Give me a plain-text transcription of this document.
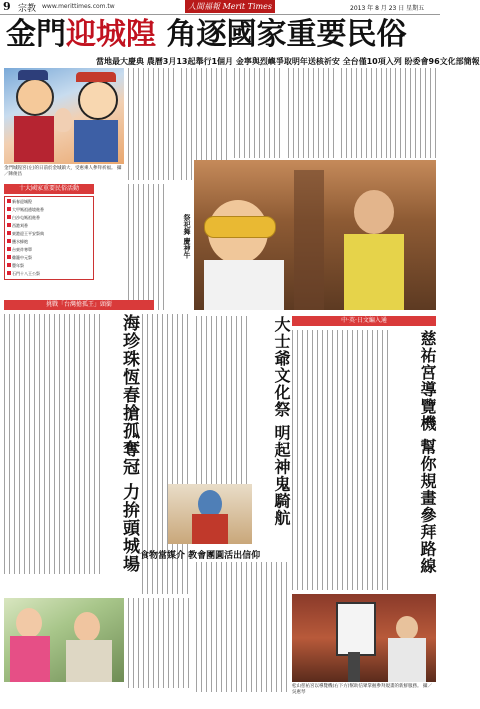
9 宗教 www.merittimes.com.tw	人間福報 Merit Times	2013 年 8 月 23 日 星期五
金門迎城隍 角逐國家重要民俗
當地最大慶典 農曆3月13起舉行1個月 金寧與烈嶼爭取明年送核祈安 全台僅10項入列 盼委會96文化部簡報
金門城隍宮(左)的日前於金城鎮大，受惠乘人參拜祈福。 攝／陳俊昌
祭祀舞 慶神牛
十大國家重要民俗活動
新春迎城隍
大甲媽祖遶境進香
白沙屯媽祖進香
西港刈香
東港迎王平安祭典
鹽水蜂炮
台東炸寒單
雞籠中元祭
豐年祭
石門十八王公祭
挑戰「台灣搶孤王」頭銜
中‧英‧日文編入通
海珍珠恆春搶孤奪冠 力拚頭城場	大士爺文化祭 明起神鬼騎航	慈祐宮導覽機 幫你規畫參拜路線
食物當媒介 教會團圓活出信仰
松山慈祐宮以導覽機(右下方)幫助信眾掌握參拜規畫的新鮮服務。 攝／吳惠琴
